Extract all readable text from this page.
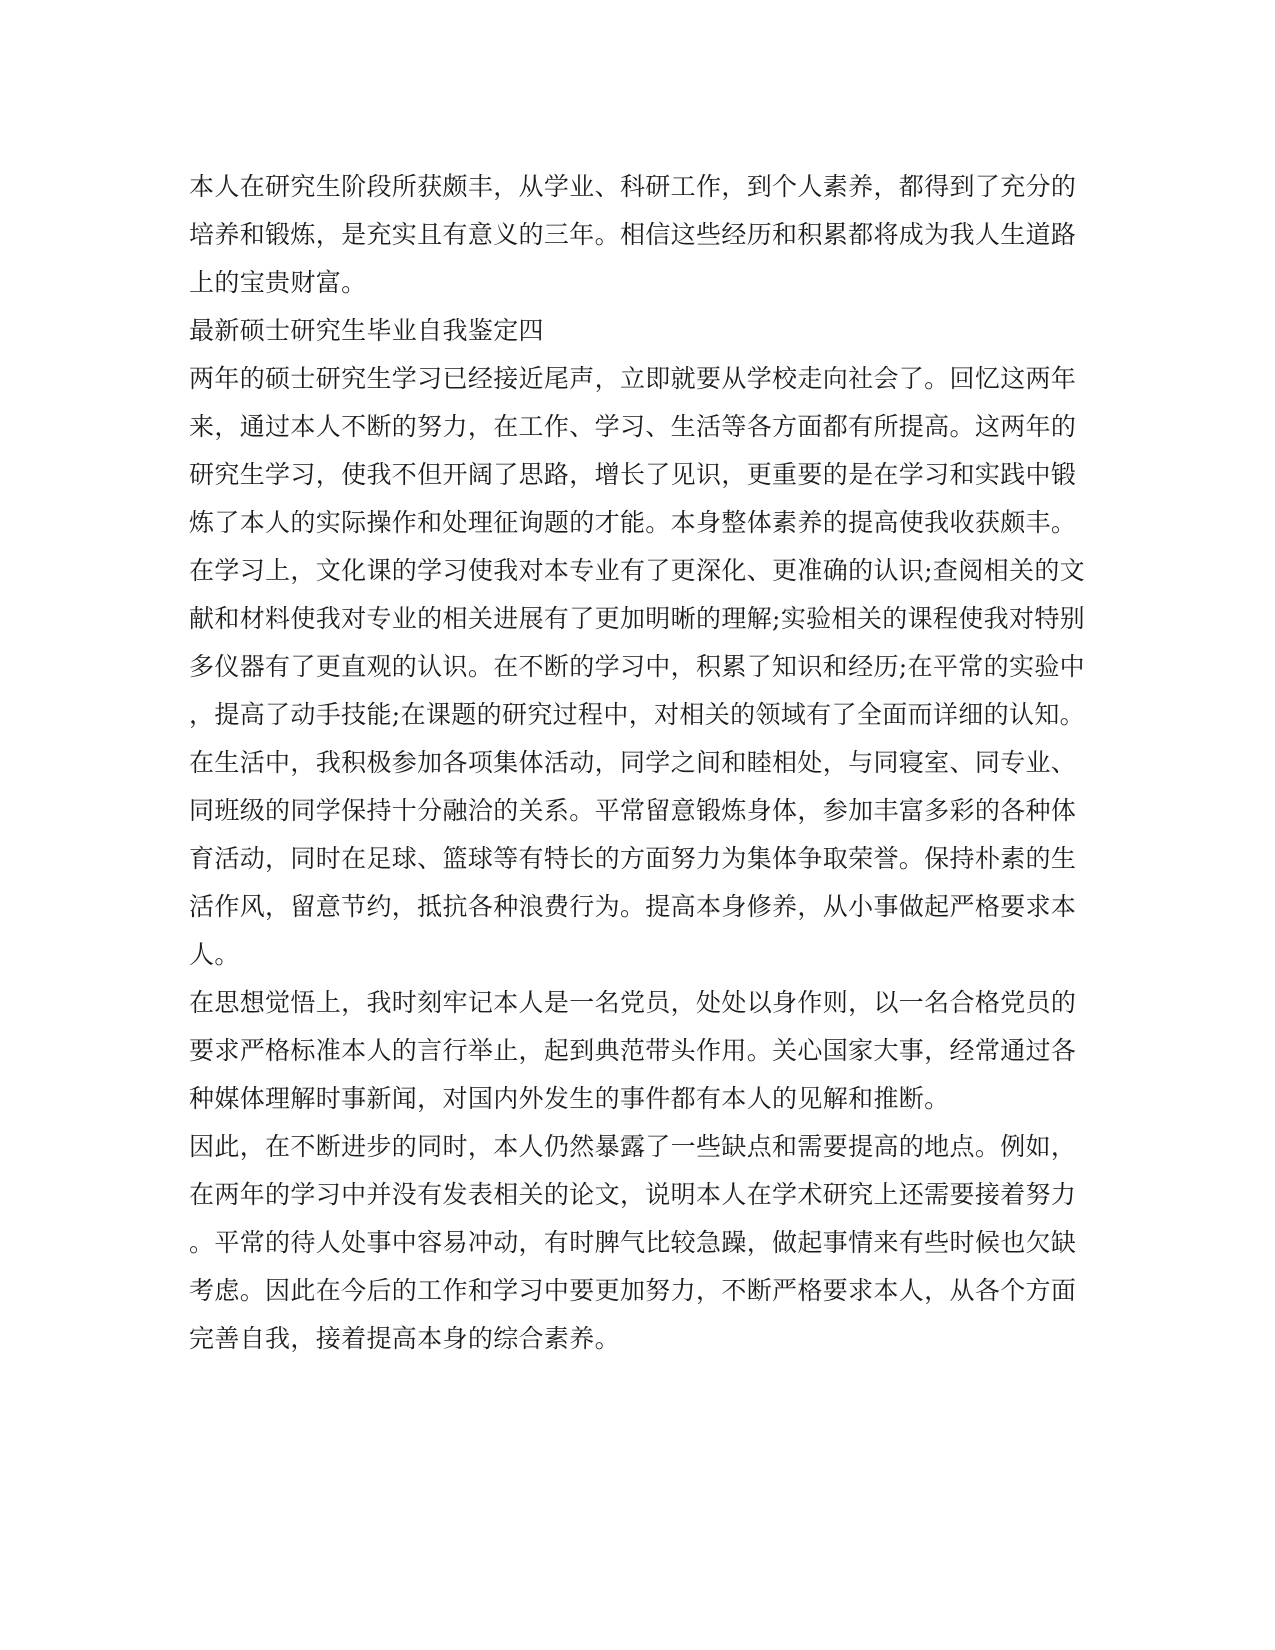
本人在研究生阶段所获颇丰，从学业、科研工作，到个人素养，都得到了充分的
培养和锻炼，是充实且有意义的三年。相信这些经历和积累都将成为我人生道路
上的宝贵财富。
最新硕士研究生毕业自我鉴定四
两年的硕士研究生学习已经接近尾声，立即就要从学校走向社会了。回忆这两年
来，通过本人不断的努力，在工作、学习、生活等各方面都有所提高。这两年的
研究生学习，使我不但开阔了思路，增长了见识，更重要的是在学习和实践中锻
炼了本人的实际操作和处理征询题的才能。本身整体素养的提高使我收获颇丰。
在学习上，文化课的学习使我对本专业有了更深化、更准确的认识;查阅相关的文
献和材料使我对专业的相关进展有了更加明晰的理解;实验相关的课程使我对特别
多仪器有了更直观的认识。在不断的学习中，积累了知识和经历;在平常的实验中
，提高了动手技能;在课题的研究过程中，对相关的领域有了全面而详细的认知。
在生活中，我积极参加各项集体活动，同学之间和睦相处，与同寝室、同专业、
同班级的同学保持十分融洽的关系。平常留意锻炼身体，参加丰富多彩的各种体
育活动，同时在足球、篮球等有特长的方面努力为集体争取荣誉。保持朴素的生
活作风，留意节约，抵抗各种浪费行为。提高本身修养，从小事做起严格要求本
人。
在思想觉悟上，我时刻牢记本人是一名党员，处处以身作则，以一名合格党员的
要求严格标准本人的言行举止，起到典范带头作用。关心国家大事，经常通过各
种媒体理解时事新闻，对国内外发生的事件都有本人的见解和推断。
因此，在不断进步的同时，本人仍然暴露了一些缺点和需要提高的地点。例如，
在两年的学习中并没有发表相关的论文，说明本人在学术研究上还需要接着努力
。平常的待人处事中容易冲动，有时脾气比较急躁，做起事情来有些时候也欠缺
考虑。因此在今后的工作和学习中要更加努力，不断严格要求本人，从各个方面
完善自我，接着提高本身的综合素养。
